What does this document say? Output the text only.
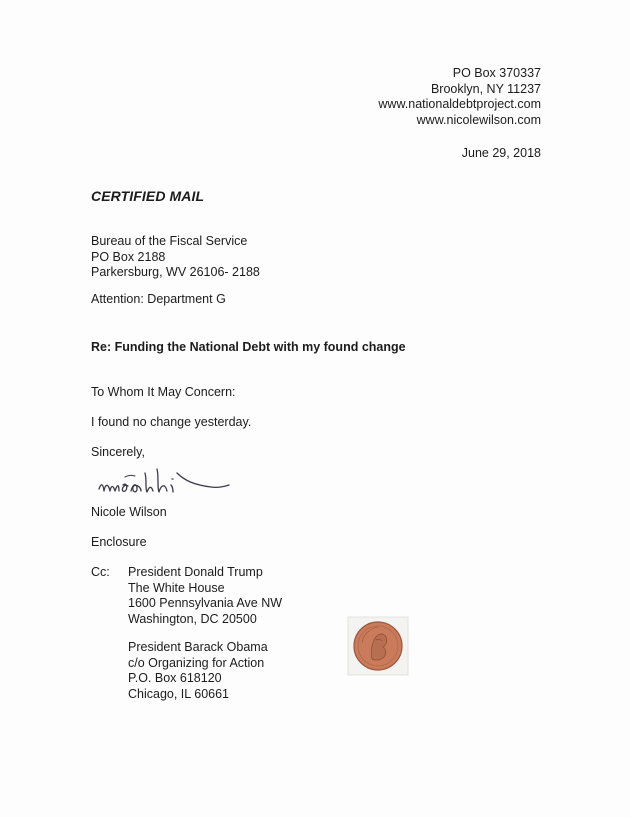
PO Box 370337
Brooklyn, NY 11237
www.nationaldebtproject.com
www.nicolewilson.com
June 29, 2018
CERTIFIED MAIL
Bureau of the Fiscal Service
PO Box 2188
Parkersburg, WV 26106- 2188
Attention: Department G
Re: Funding the National Debt with my found change
To Whom It May Concern:
I found no change yesterday.
Sincerely,
Nicole Wilson
Enclosure
Cc: President Donald Trump
The White House
1600 Pennsylvania Ave NW
Washington, DC 20500
President Barack Obama
c/o Organizing for Action
P.O. Box 618120
Chicago, IL 60661
